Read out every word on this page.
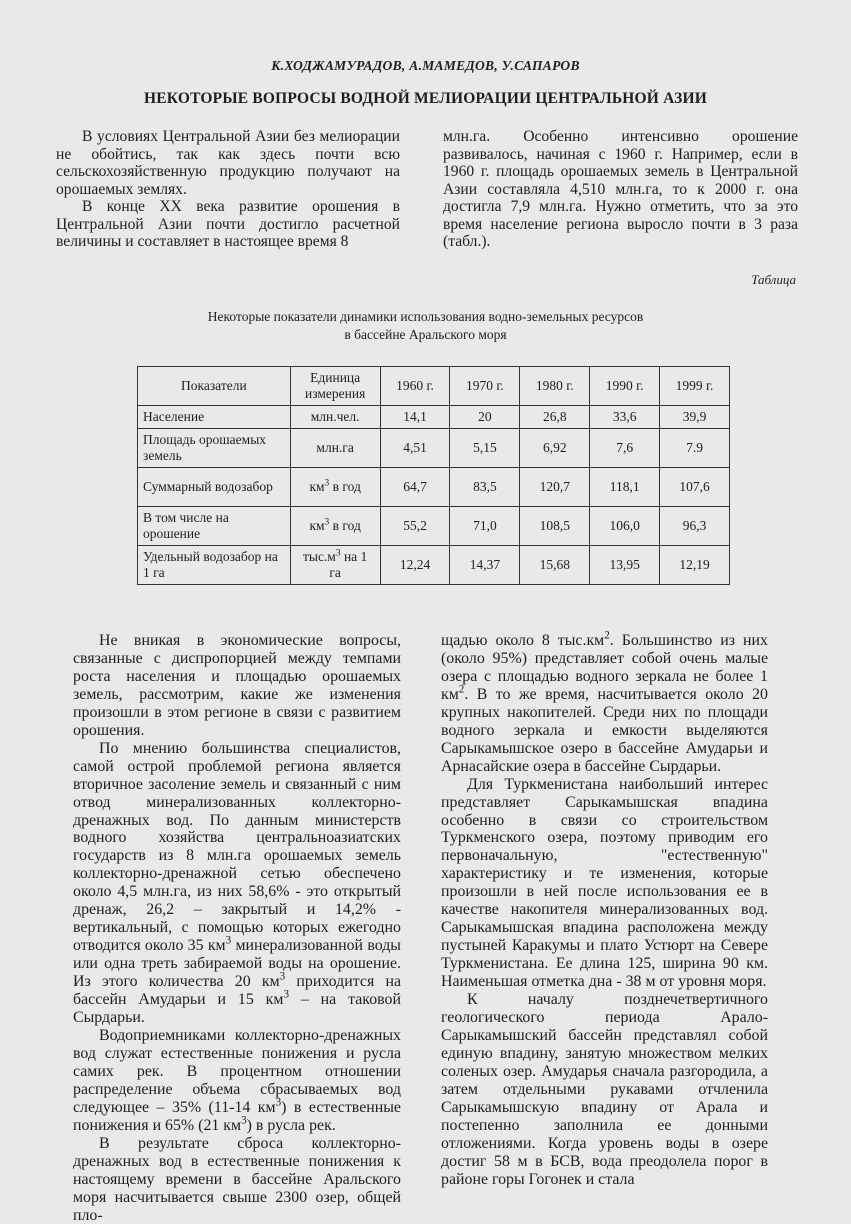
К.ХОДЖАМУРАДОВ, А.МАМЕДОВ, У.САПАРОВ
НЕКОТОРЫЕ ВОПРОСЫ ВОДНОЙ МЕЛИОРАЦИИ ЦЕНТРАЛЬНОЙ АЗИИ

В условиях Центральной Азии без мелиорации не обойтись, так как здесь почти всю сельскохозяйственную продукцию получают на орошаемых землях.

В конце XX века развитие орошения в Центральной Азии почти достигло расчетной величины и составляет в настоящее время 8

млн.га. Особенно интенсивно орошение развивалось, начиная с 1960 г. Например, если в 1960 г. площадь орошаемых земель в Центральной Азии составляла 4,510 млн.га, то к 2000 г. она достигла 7,9 млн.га. Нужно отметить, что за это время население региона выросло почти в 3 раза (табл.).

Таблица
Некоторые показатели динамики использования водно-земельных ресурсов
в бассейне Аральского моря
Показатели	Единица измерения	1960 г.	1970 г.	1980 г.	1990 г.	1999 г.
Население	млн.чел.	14,1	20	26,8	33,6	39,9
Площадь орошаемых земель	млн.га	4,51	5,15	6,92	7,6	7.9
Суммарный водозабор	$км^3$ в год	64,7	83,5	120,7	118,1	107,6
В том числе на орошение	$км^3$ в год	55,2	71,0	108,5	106,0	96,3
Удельный водозабор на 1 га	$тыс.м^3$ на 1 га	12,24	14,37	15,68	13,95	12,19

Не вникая в экономические вопросы, связанные с диспропорцией между темпами роста населения и площадью орошаемых земель, рассмотрим, какие же изменения произошли в этом регионе в связи с развитием орошения.

По мнению большинства специалистов, самой острой проблемой региона является вторичное засоление земель и связанный с ним отвод минерализованных коллекторно-дренажных вод. По данным министерств водного хозяйства центральноазиатских государств из 8 млн.га орошаемых земель коллекторно-дренажной сетью обеспечено около 4,5 млн.га, из них 58,6% - это открытый дренаж, 26,2 – закрытый и 14,2% - вертикальный, с помощью которых ежегодно отводится около 35 $км^3$ минерализованной воды или одна треть забираемой воды на орошение. Из этого количества 20 $км^3$ приходится на бассейн Амударьи и 15 $км^3$ – на таковой Сырдарьи.

Водоприемниками коллекторно-дренажных вод служат естественные понижения и русла самих рек. В процентном отношении распределение объема сбрасываемых вод следующее – 35% (11-14 $км^3$) в естественные понижения и 65% (21 $км^3$) в русла рек.

В результате сброса коллекторно-дренажных вод в естественные понижения к настоящему времени в бассейне Аральского моря насчитывается свыше 2300 озер, общей пло-

щадью около 8 $тыс.км^2$. Большинство из них (около 95%) представляет собой очень малые озера с площадью водного зеркала не более 1 $км^2$. В то же время, насчитывается около 20 крупных накопителей. Среди них по площади водного зеркала и емкости выделяются Сарыкамышское озеро в бассейне Амударьи и Арнасайские озера в бассейне Сырдарьи.

Для Туркменистана наибольший интерес представляет Сарыкамышская впадина особенно в связи со строительством Туркменского озера, поэтому приводим его первоначальную, "естественную" характеристику и те изменения, которые произошли в ней после использования ее в качестве накопителя минерализованных вод. Сарыкамышская впадина расположена между пустыней Каракумы и плато Устюрт на Севере Туркменистана. Ее длина 125, ширина 90 км. Наименьшая отметка дна - 38 м от уровня моря.

К началу позднечетвертичного геологического периода Арало-Сарыкамышский бассейн представлял собой единую впадину, занятую множеством мелких соленых озер. Амударья сначала разгородила, а затем отдельными рукавами отчленила Сарыкамышскую впадину от Арала и постепенно заполнила ее донными отложениями. Когда уровень воды в озере достиг 58 м в БСВ, вода преодолела порог в районе горы Гогонек и стала
